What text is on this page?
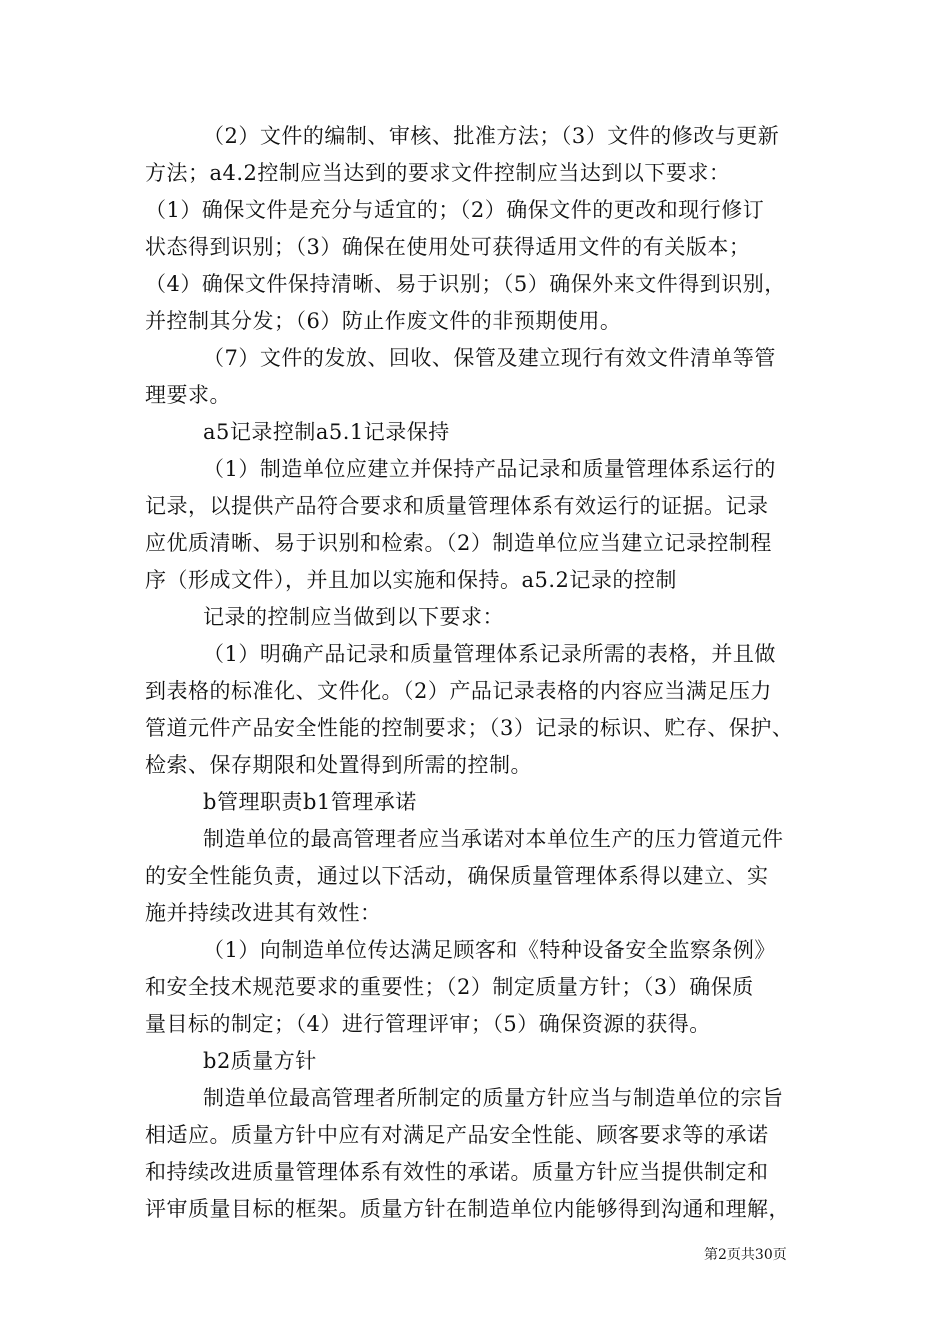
（2）文件的编制、审核、批准方法；（3）文件的修改与更新
方法；a4.2控制应当达到的要求文件控制应当达到以下要求：
（1）确保文件是充分与适宜的；（2）确保文件的更改和现行修订
状态得到识别；（3）确保在使用处可获得适用文件的有关版本；
（4）确保文件保持清晰、易于识别；（5）确保外来文件得到识别，
并控制其分发；（6）防止作废文件的非预期使用。
（7）文件的发放、回收、保管及建立现行有效文件清单等管
理要求。
a5记录控制a5.1记录保持
（1）制造单位应建立并保持产品记录和质量管理体系运行的
记录，以提供产品符合要求和质量管理体系有效运行的证据。记录
应优质清晰、易于识别和检索。（2）制造单位应当建立记录控制程
序（形成文件），并且加以实施和保持。a5.2记录的控制
记录的控制应当做到以下要求：
（1）明确产品记录和质量管理体系记录所需的表格，并且做
到表格的标准化、文件化。（2）产品记录表格的内容应当满足压力
管道元件产品安全性能的控制要求；（3）记录的标识、贮存、保护、
检索、保存期限和处置得到所需的控制。
b管理职责b1管理承诺
制造单位的最高管理者应当承诺对本单位生产的压力管道元件
的安全性能负责，通过以下活动，确保质量管理体系得以建立、实
施并持续改进其有效性：
（1）向制造单位传达满足顾客和《特种设备安全监察条例》
和安全技术规范要求的重要性；（2）制定质量方针；（3）确保质
量目标的制定；（4）进行管理评审；（5）确保资源的获得。
b2质量方针
制造单位最高管理者所制定的质量方针应当与制造单位的宗旨
相适应。质量方针中应有对满足产品安全性能、顾客要求等的承诺
和持续改进质量管理体系有效性的承诺。质量方针应当提供制定和
评审质量目标的框架。质量方针在制造单位内能够得到沟通和理解，
第2页共30页
